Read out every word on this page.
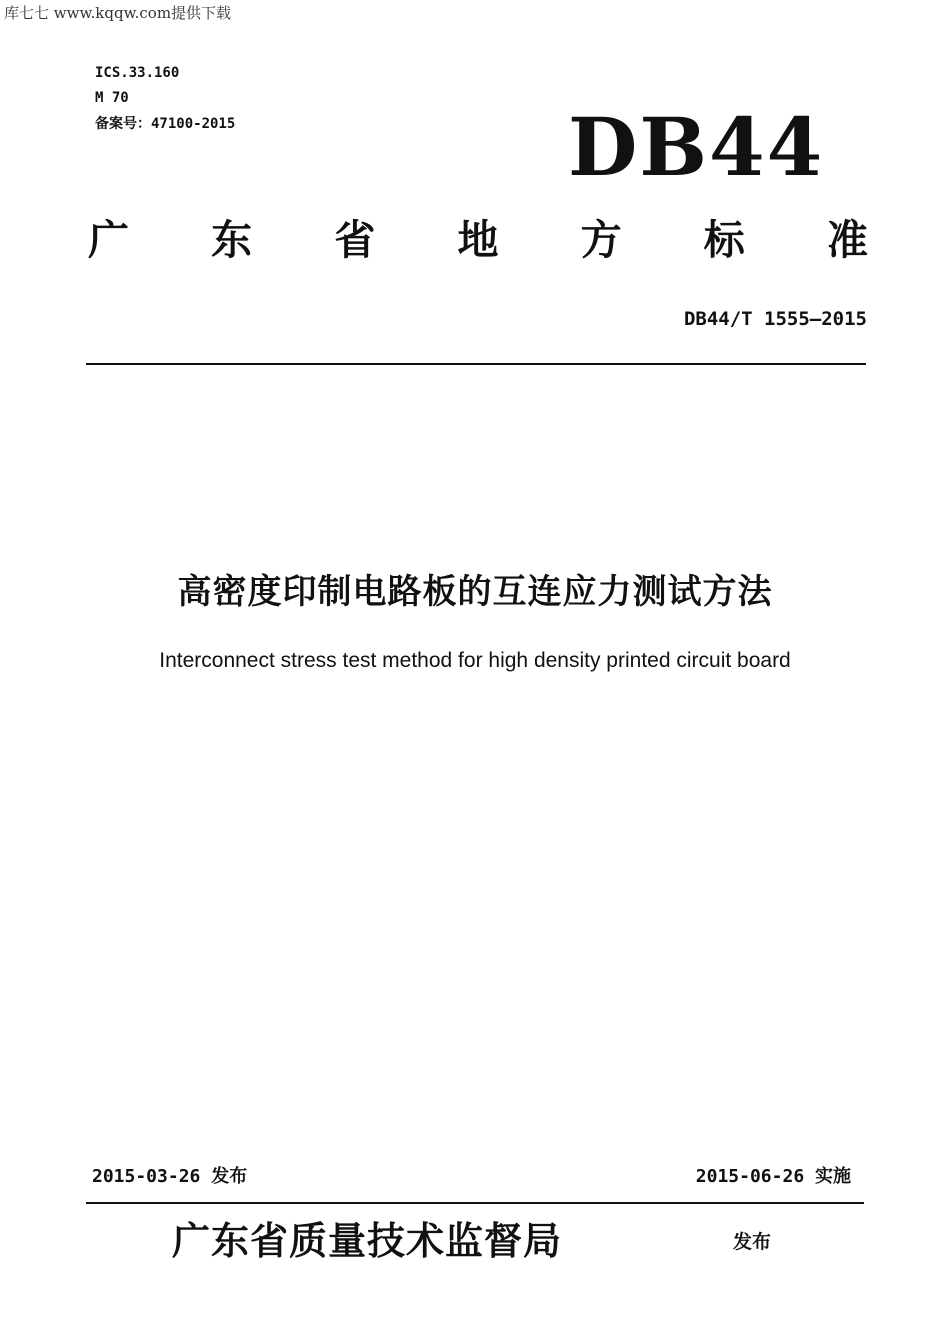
库七七 www.kqqw.com提供下载
ICS.33.160
M 70
备案号：47100-2015	DB44
广 东 省 地 方 标 准
DB44/T 1555—2015
高密度印制电路板的互连应力测试方法
Interconnect stress test method for high density printed circuit board
2015-03-26 发布	2015-06-26 实施
广东省质量技术监督局	发布
